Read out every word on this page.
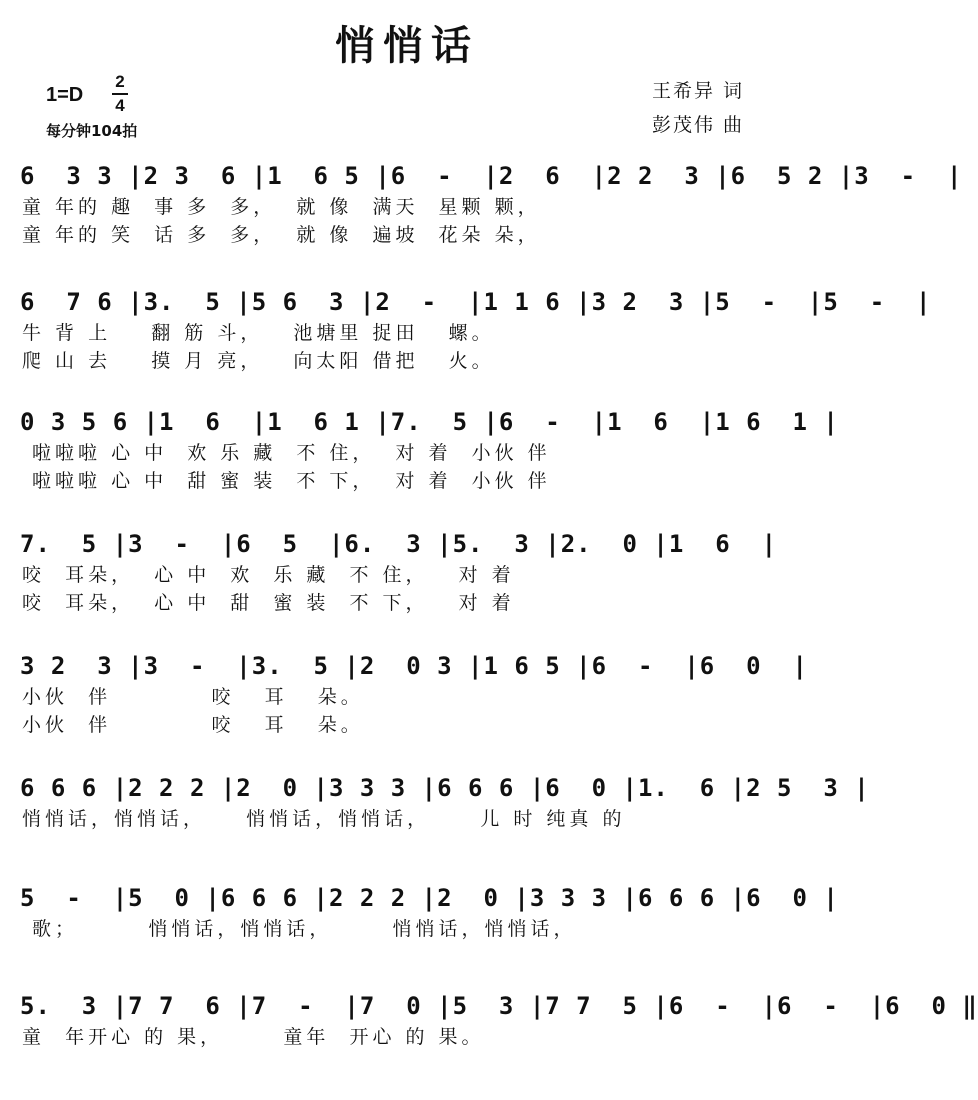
悄悄话
1=D
2
4
每分钟104拍
王希异 词
彭茂伟 曲
6  3 3 |2 3  6 |1  6 5 |6  -  |2  6  |2 2  3 |6  5 2 |3  -  |
童 年的 趣  事 多  多，  就 像  满天  星颗 颗，
童 年的 笑  话 多  多，  就 像  遍坡  花朵 朵，
6  7 6 |3.  5 |5 6  3 |2  -  |1 1 6 |3 2  3 |5  -  |5  -  |
牛 背 上    翻 筋 斗，   池塘里 捉田   螺。
爬 山 去    摸 月 亮，   向太阳 借把   火。
0 3 5 6 |1  6  |1  6 1 |7.  5 |6  -  |1  6  |1 6  1 |
啦啦啦 心 中  欢 乐 藏  不 住，  对 着  小伙 伴
啦啦啦 心 中  甜 蜜 装  不 下，  对 着  小伙 伴
7.  5 |3  -  |6  5  |6.  3 |5.  3 |2.  0 |1  6  |
咬  耳朵，  心 中  欢  乐 藏  不 住，   对 着
咬  耳朵，  心 中  甜  蜜 装  不 下，   对 着
3 2  3 |3  -  |3.  5 |2  0 3 |1 6 5 |6  -  |6  0  |
小伙  伴          咬   耳   朵。
小伙  伴          咬   耳   朵。
6 6 6 |2 2 2 |2  0 |3 3 3 |6 6 6 |6  0 |1.  6 |2 5  3 |
悄悄话，悄悄话，    悄悄话，悄悄话，     儿 时 纯真 的
5  -  |5  0 |6 6 6 |2 2 2 |2  0 |3 3 3 |6 6 6 |6  0 |
歌；       悄悄话，悄悄话，      悄悄话，悄悄话，
5.  3 |7 7  6 |7  -  |7  0 |5  3 |7 7  5 |6  -  |6  -  |6  0 ‖
童  年开心 的 果，      童年  开心 的 果。
